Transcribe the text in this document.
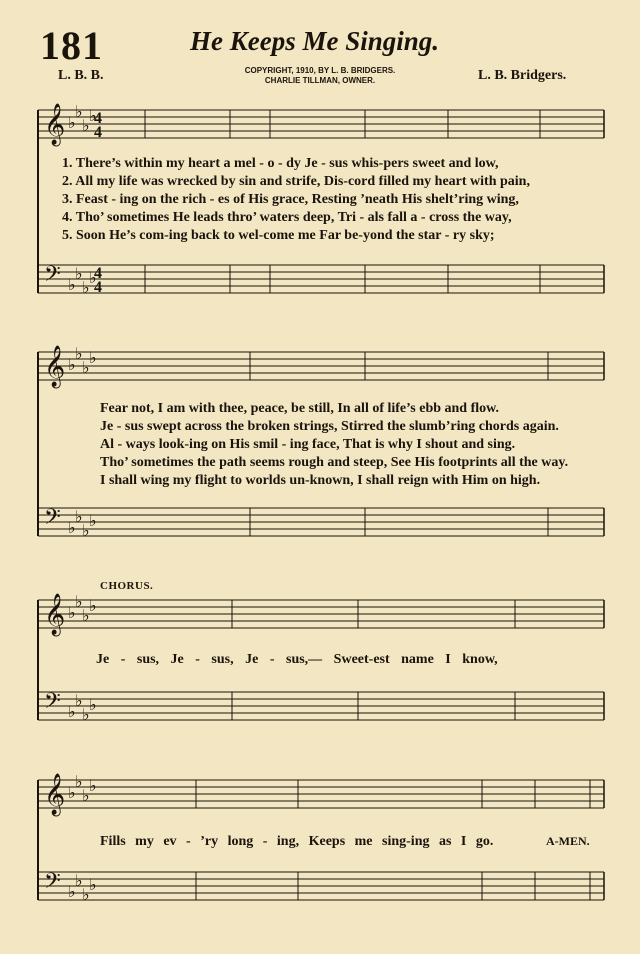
181	He Keeps Me Singing.
L. B. B.	COPYRIGHT, 1910, BY L. B. BRIDGERS.
CHARLIE TILLMAN, OWNER.	L. B. Bridgers.
𝄞 ♭
♭
♭
♭
𝄢 ♭
♭
♭
♭
𝄞 ♭
♭
♭
♭
𝄢 ♭
♭
♭
♭
𝄞 ♭
♭
♭
♭
𝄢 ♭
♭
♭
♭
𝄞 ♭
♭
♭
♭
𝄢 ♭
♭
♭
♭
4
4
4
4
1. There’s within my heart a mel - o - dy Je - sus whis-pers sweet and low,
2. All my life was wrecked by sin and strife, Dis-cord filled my heart with pain,
3. Feast - ing on the rich - es of His grace, Resting ’neath His shelt’ring wing,
4. Tho’ sometimes He leads thro’ waters deep, Tri - als fall a - cross the way,
5. Soon He’s com-ing back to wel-come me Far be-yond the star - ry sky;
Fear not, I am with thee, peace, be still, In all of life’s ebb and flow.
Je - sus swept across the broken strings, Stirred the slumb’ring chords again.
Al - ways look-ing on His smil - ing face, That is why I shout and sing.
Tho’ sometimes the path seems rough and steep, See His footprints all the way.
I shall wing my flight to worlds un-known, I shall reign with Him on high.
CHORUS.
Je - sus, Je - sus, Je - sus,— Sweet-est name I know,
Fills my ev - ’ry long - ing, Keeps me sing-ing as I go.	A-MEN.
